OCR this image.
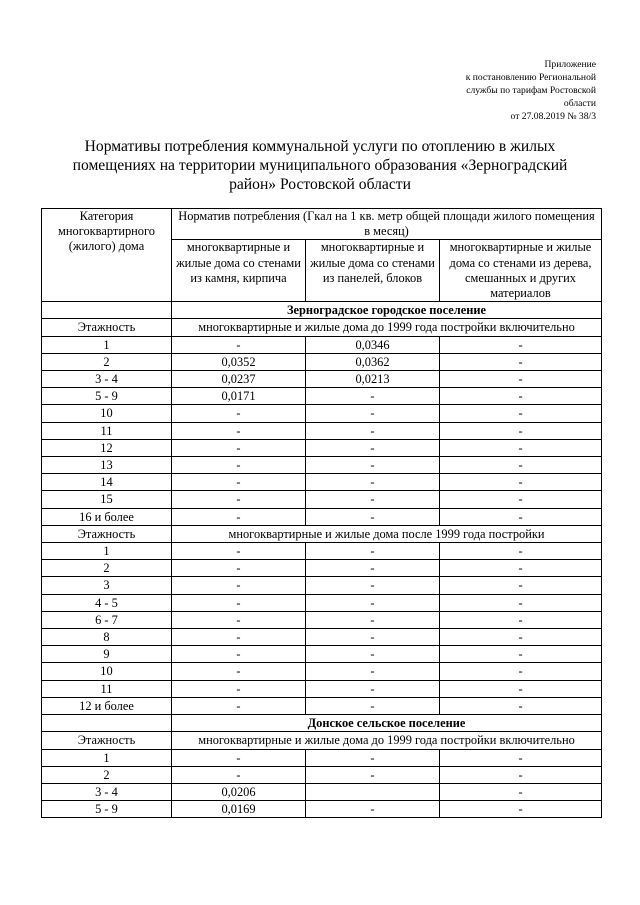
Приложение
к постановлению Региональной
службы по тарифам Ростовской
области
от 27.08.2019 № 38/3
Нормативы потребления коммунальной услуги по отоплению в жилых
помещениях на территории муниципального образования «Зерноградский
район» Ростовской области
Категория многоквартирного (жилого) дома	Норматив потребления (Гкал на 1 кв. метр общей площади жилого помещения в месяц)		
	многоквартирные и жилые дома со стенами из камня, кирпича	многоквартирные и жилые дома со стенами из панелей, блоков	многоквартирные и жилые дома со стенами из дерева, смешанных и других материалов
	Зерноградское городское поселение		
Этажность	многоквартирные и жилые дома до 1999 года постройки включительно		
1	-	0,0346	-
2	0,0352	0,0362	-
3 - 4	0,0237	0,0213	-
5 - 9	0,0171	-	-
10	-	-	-
11	-	-	-
12	-	-	-
13	-	-	-
14	-	-	-
15	-	-	-
16 и более	-	-	-
Этажность	многоквартирные и жилые дома после 1999 года постройки		
1	-	-	-
2	-	-	-
3	-	-	-
4 - 5	-	-	-
6 - 7	-	-	-
8	-	-	-
9	-	-	-
10	-	-	-
11	-	-	-
12 и более	-	-	-
	Донское сельское поселение		
Этажность	многоквартирные и жилые дома до 1999 года постройки включительно		
1	-	-	-
2	-	-	-
3 - 4	0,0206		-
5 - 9	0,0169	-	-
